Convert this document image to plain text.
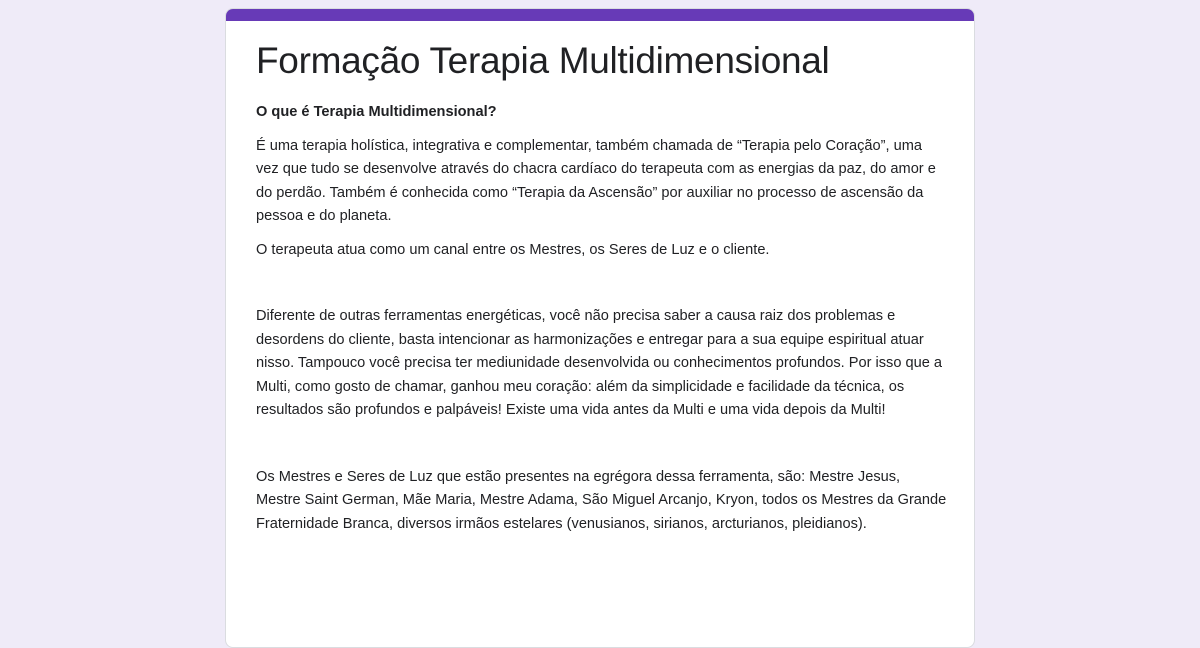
Formação Terapia Multidimensional

O que é Terapia Multidimensional?

É uma terapia holística, integrativa e complementar, também chamada de “Terapia pelo Coração”, uma vez que tudo se desenvolve através do chacra cardíaco do terapeuta com as energias da paz, do amor e do perdão. Também é conhecida como “Terapia da Ascensão” por auxiliar no processo de ascensão da pessoa e do planeta.

O terapeuta atua como um canal entre os Mestres, os Seres de Luz e o cliente.

Diferente de outras ferramentas energéticas, você não precisa saber a causa raiz dos problemas e desordens do cliente, basta intencionar as harmonizações e entregar para a sua equipe espiritual atuar nisso. Tampouco você precisa ter mediunidade desenvolvida ou conhecimentos profundos. Por isso que a Multi, como gosto de chamar, ganhou meu coração: além da simplicidade e facilidade da técnica, os resultados são profundos e palpáveis! Existe uma vida antes da Multi e uma vida depois da Multi!

Os Mestres e Seres de Luz que estão presentes na egrégora dessa ferramenta, são: Mestre Jesus, Mestre Saint German, Mãe Maria, Mestre Adama, São Miguel Arcanjo, Kryon, todos os Mestres da Grande Fraternidade Branca, diversos irmãos estelares (venusianos, sirianos, arcturianos, pleidianos).
